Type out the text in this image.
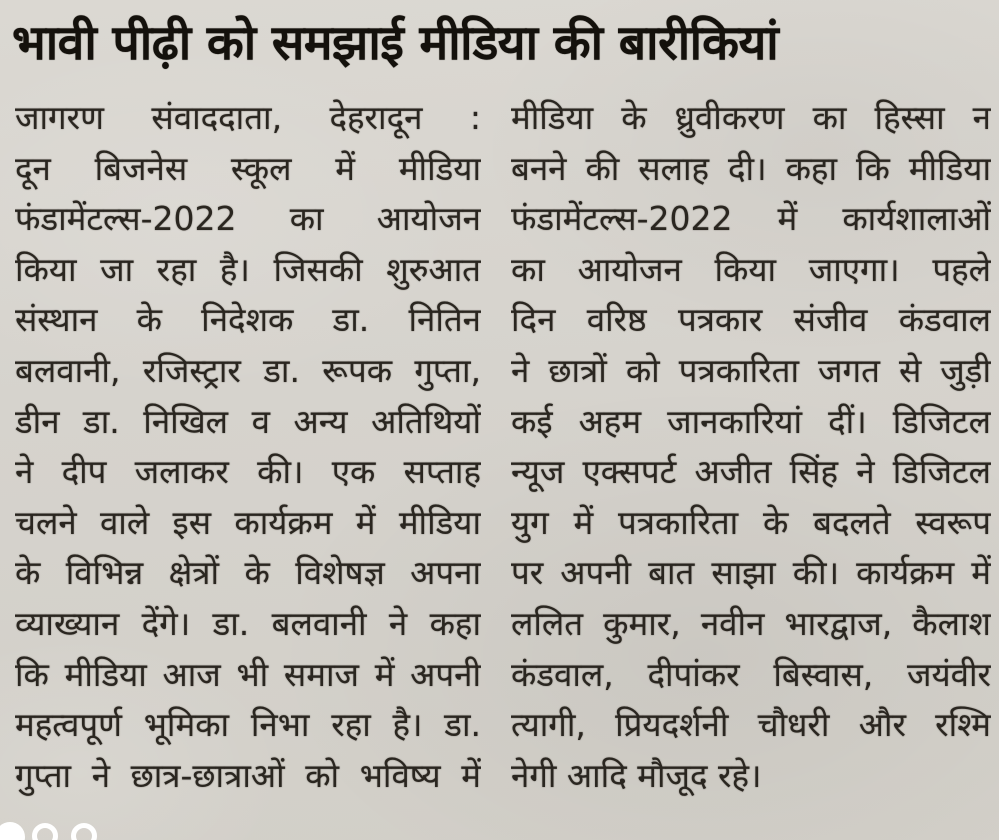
भावी पीढ़ी को समझाई मीडिया की बारीकियां
जागरण संवाददाता, देहरादून :
दून बिजनेस स्कूल में मीडिया
फंडामेंटल्स-2022 का आयोजन
किया जा रहा है। जिसकी शुरुआत
संस्थान के निदेशक डा. नितिन
बलवानी, रजिस्ट्रार डा. रूपक गुप्ता,
डीन डा. निखिल व अन्य अतिथियों
ने दीप जलाकर की। एक सप्ताह
चलने वाले इस कार्यक्रम में मीडिया
के विभिन्न क्षेत्रों के विशेषज्ञ अपना
व्याख्यान देंगे। डा. बलवानी ने कहा
कि मीडिया आज भी समाज में अपनी
महत्वपूर्ण भूमिका निभा रहा है। डा.
गुप्ता ने छात्र-छात्राओं को भविष्य में
मीडिया के ध्रुवीकरण का हिस्सा न
बनने की सलाह दी। कहा कि मीडिया
फंडामेंटल्स-2022 में कार्यशालाओं
का आयोजन किया जाएगा। पहले
दिन वरिष्ठ पत्रकार संजीव कंडवाल
ने छात्रों को पत्रकारिता जगत से जुड़ी
कई अहम जानकारियां दीं। डिजिटल
न्यूज एक्सपर्ट अजीत सिंह ने डिजिटल
युग में पत्रकारिता के बदलते स्वरूप
पर अपनी बात साझा की। कार्यक्रम में
ललित कुमार, नवीन भारद्वाज, कैलाश
कंडवाल, दीपांकर बिस्वास, जयंवीर
त्यागी, प्रियदर्शनी चौधरी और रश्मि
नेगी आदि मौजूद रहे।
